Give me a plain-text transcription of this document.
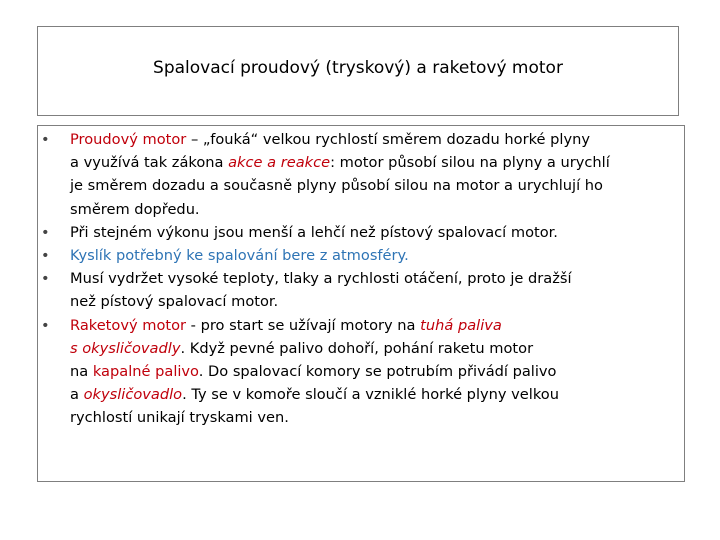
Spalovací proudový (tryskový) a raketový motor
• Proudový motor – „fouká“ velkou rychlostí směrem dozadu horké plyny
a využívá tak zákona akce a reakce: motor působí silou na plyny a urychlí
je směrem dozadu a současně plyny působí silou na motor a urychlují ho
směrem dopředu.
• Při stejném výkonu jsou menší a lehčí než pístový spalovací motor.
• Kyslík potřebný ke spalování bere z atmosféry.
• Musí vydržet vysoké teploty, tlaky a rychlosti otáčení, proto je dražší
než pístový spalovací motor.
• Raketový motor - pro start se užívají motory na tuhá paliva
s okysličovadly. Když pevné palivo dohoří, pohání raketu motor
na kapalné palivo. Do spalovací komory se potrubím přivádí palivo
a okysličovadlo. Ty se v komoře sloučí a vzniklé horké plyny velkou
rychlostí unikají tryskami ven.
